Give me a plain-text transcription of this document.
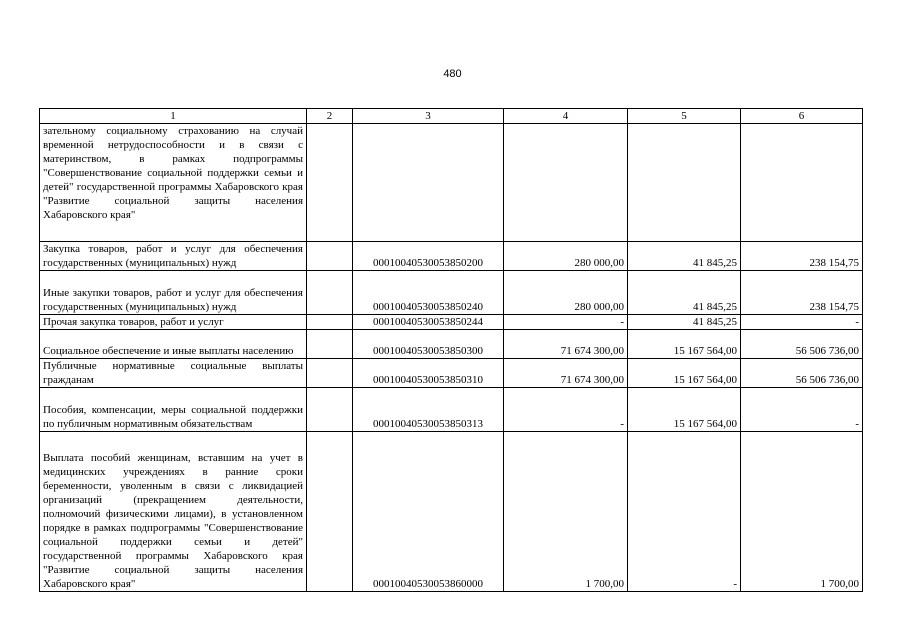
480
1	2	3	4	5	6
зательному социальному страхованию на случай временной нетрудоспособности и в связи с материнством, в рамках подпрограммы "Совершенствование социальной поддержки семьи и детей" государственной программы Хабаровского края "Развитие социальной защиты населения Хабаровского края"					
Закупка товаров, работ и услуг для обеспечения государственных (муниципальных) нужд		00010040530053850200	280 000,00	41 845,25	238 154,75
Иные закупки товаров, работ и услуг для обеспечения государственных (муниципальных) нужд		00010040530053850240	280 000,00	41 845,25	238 154,75
Прочая закупка товаров, работ и услуг		00010040530053850244	-	41 845,25	-
Социальное обеспечение и иные выплаты населению		00010040530053850300	71 674 300,00	15 167 564,00	56 506 736,00
Публичные нормативные социальные выплаты гражданам		00010040530053850310	71 674 300,00	15 167 564,00	56 506 736,00
Пособия, компенсации, меры социальной поддержки по публичным нормативным обязательствам		00010040530053850313	-	15 167 564,00	-
Выплата пособий женщинам, вставшим на учет в медицинских учреждениях в ранние сроки беременности, уволенным в связи с ликвидацией организаций (прекращением деятельности, полномочий физическими лицами), в установленном порядке в рамках подпрограммы "Совершенствование социальной поддержки семьи и детей" государственной программы Хабаровского края "Развитие социальной защиты населения Хабаровского края"		00010040530053860000	1 700,00	-	1 700,00
